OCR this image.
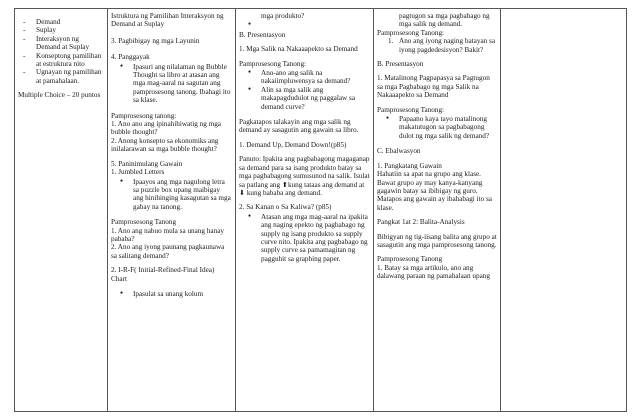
- Demand
- Suplay
- Interaksyon ng Demand at Suplay
- Konseptong pamilihan at estruktura nito
- Ugnayan ng pamilihan at pamahalaan.
Multiple Choice – 20 puntos

Istruktura ng Pamilihan Interaksyon ng Demand at Suplay
3. Pagbibigay ng mga Layunin
4. Panggayak
● Ipasuri ang nilalaman ng Bubble Thought sa libro at atasan ang mga mag-aaral na sagutan ang pamprosesong tanong. Ibahagi ito sa klase.
Pamprosesong tanong:
1. Ano ano ang ipinahihiwatig ng mga bubble thought?
2. Anong konsepto sa ekonomiks ang inilalarawan sa mga bubble thought?
5. Paninimulang Gawain
1. Jumbled Letters
● Ipaayos ang mga nagulong letra sa puzzle box upang maibigay ang hinihinging kasagutan sa mga gabay na tanong.
Pamprosesong Tanong
1. Ano ang nabuo mula sa unang hanay pababa?
2. Ano ang iyong paunang pagkaunawa sa salitang demand?
2. I-R-F( Initial-Refined-Final Idea) Chart
● Ipasulat sa unang kolum

mga produkto?
●
B. Presentasyon
1. Mga Salik na Nakaaapekto sa Demand
Pamprosesong Tanong:
● Ano-ano ang salik na nakaiimpluwensya sa demand?
● Alin sa mga salik ang makapagdudulot ng paggalaw sa demand curve?
Pagkatapos talakayin ang mga salik ng demand ay sasagutin ang gawain sa libro.
1. Demand Up, Demand Down!(p85)
Panuto: Ipakita ang pagbabagong magaganap sa demand para sa isang produkto batay sa mga pagbabagong sumusunod na salik. Isulat sa patlang ang ⬆kung tataas ang demand at ⬇ kung bababa ang demand.
2. Sa Kanan o Sa Kaliwa? (p85)
● Atasan ang mga mag-aaral na ipakita ang naging epekto ng pagbabago ng supply ng isang produkto sa supply curve nito. Ipakita ang pagbabago ng supply curve sa pamamagitan ng pagguhit sa graphing paper.

pagtugon sa mga pagbabago ng mga salik ng demand.
Pamprosesong Tanong:
1. Ano ang iyong naging batayan sa iyong pagdedesisyon? Bakit?
B. Presentasyon
1. Matalinong Pagpapasya sa Pagtugon sa mga Pagbabago ng mga Salik na Nakaaapekto sa Demand
Pamprosesong Tanong:
● Papaano kaya tayo matalinong makatutugon sa pagbabagong dulot ng mga salik ng demand?
C. Ebalwasyon
1. Pangkatang Gawain
Hahatiin sa apat na grupo ang klase. Bawat grupo ay may kanya-kanyang gagawin batay sa ibibigay ng guro. Matapos ang gawain ay ibahabagi ito sa klase.
Pangkat 1at 2: Balita-Analysis
Bibigyan ng tig-iisang balita ang grupo at sasagutin ang mga pamprosesong tanong.
Pamprosesong Tanong
1. Batay sa mga artikulo, ano ang dalawang paraan ng pamahalaan upang
